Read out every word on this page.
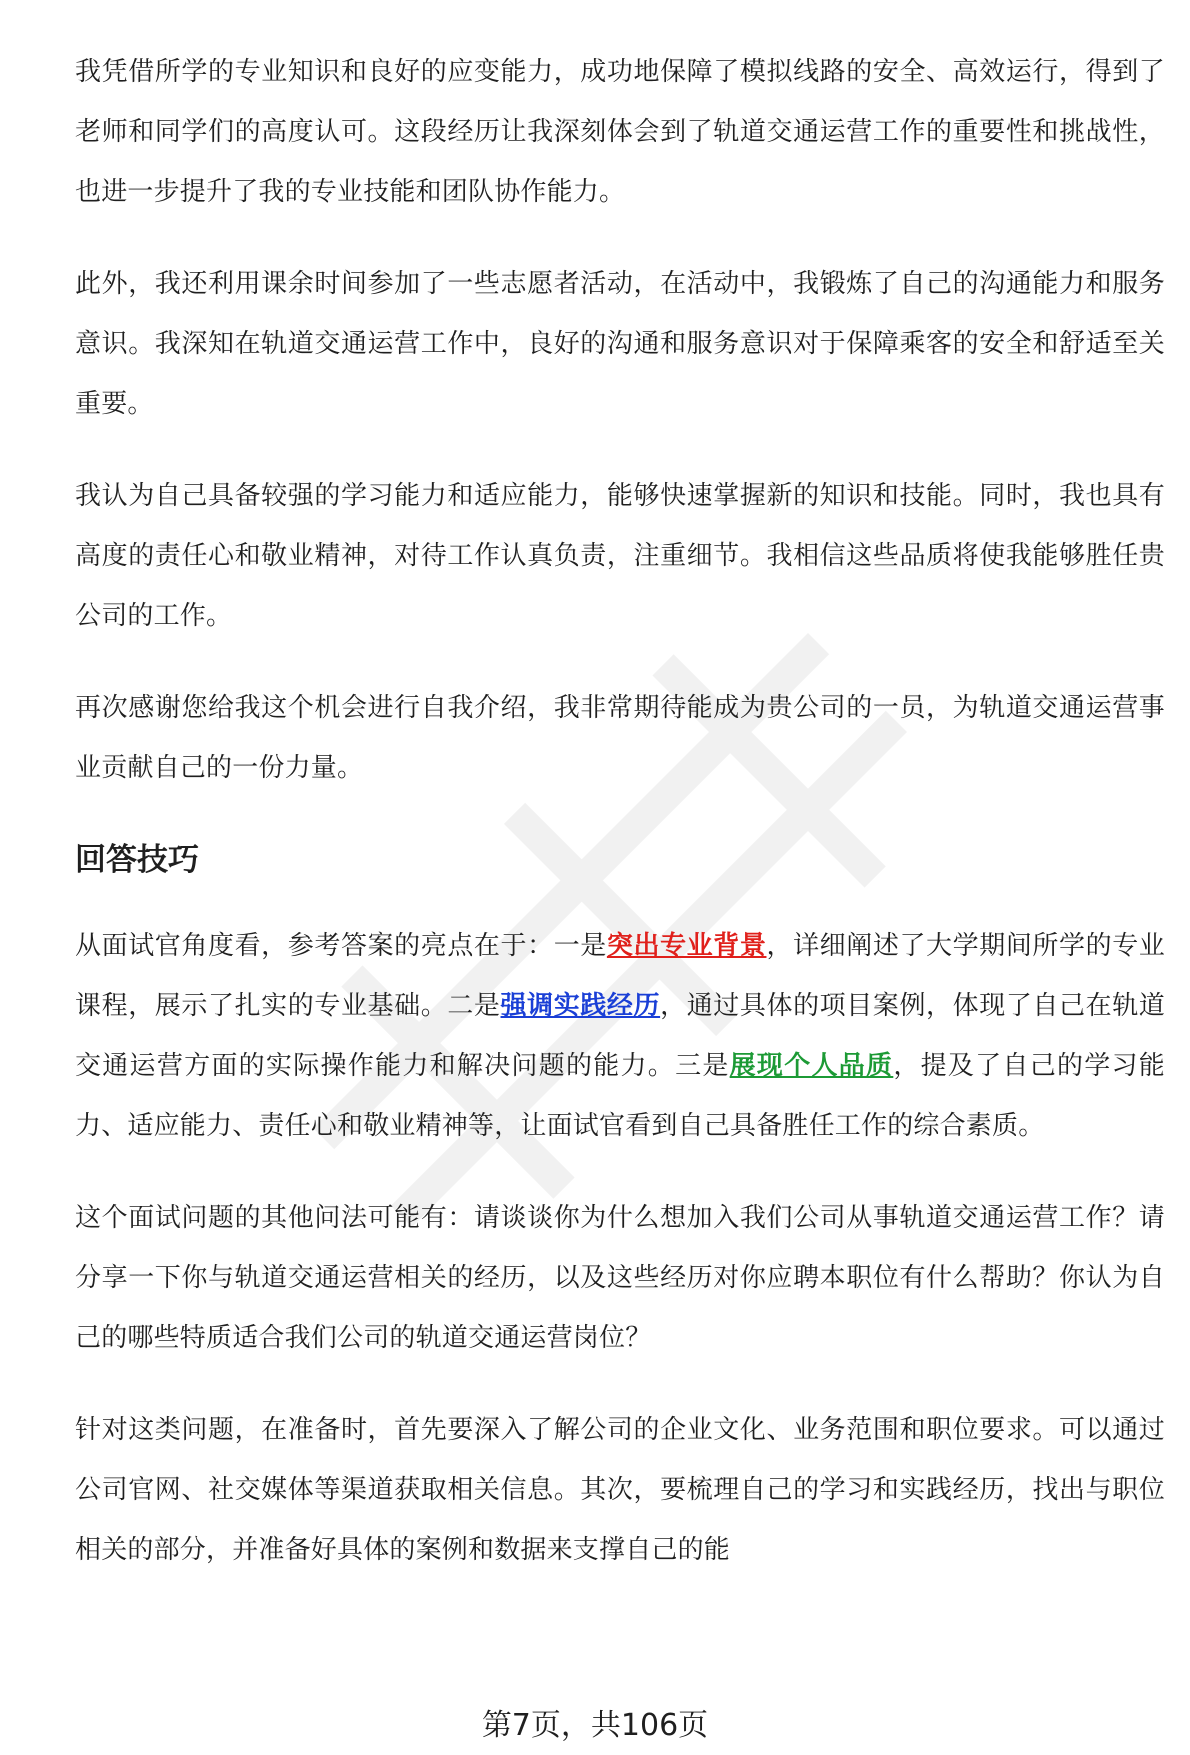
我凭借所学的专业知识和良好的应变能力，成功地保障了模拟线路的安全、高效运行，得到了老师和同学们的高度认可。这段经历让我深刻体会到了轨道交通运营工作的重要性和挑战性，也进一步提升了我的专业技能和团队协作能力。

此外，我还利用课余时间参加了一些志愿者活动，在活动中，我锻炼了自己的沟通能力和服务意识。我深知在轨道交通运营工作中，良好的沟通和服务意识对于保障乘客的安全和舒适至关重要。

我认为自己具备较强的学习能力和适应能力，能够快速掌握新的知识和技能。同时，我也具有高度的责任心和敬业精神，对待工作认真负责，注重细节。我相信这些品质将使我能够胜任贵公司的工作。

再次感谢您给我这个机会进行自我介绍，我非常期待能成为贵公司的一员，为轨道交通运营事业贡献自己的一份力量。

回答技巧

从面试官角度看，参考答案的亮点在于：一是突出专业背景，详细阐述了大学期间所学的专业课程，展示了扎实的专业基础。二是强调实践经历，通过具体的项目案例，体现了自己在轨道交通运营方面的实际操作能力和解决问题的能力。三是展现个人品质，提及了自己的学习能力、适应能力、责任心和敬业精神等，让面试官看到自己具备胜任工作的综合素质。

这个面试问题的其他问法可能有：请谈谈你为什么想加入我们公司从事轨道交通运营工作？请分享一下你与轨道交通运营相关的经历，以及这些经历对你应聘本职位有什么帮助？你认为自己的哪些特质适合我们公司的轨道交通运营岗位？

针对这类问题，在准备时，首先要深入了解公司的企业文化、业务范围和职位要求。可以通过公司官网、社交媒体等渠道获取相关信息。其次，要梳理自己的学习和实践经历，找出与职位相关的部分，并准备好具体的案例和数据来支撑自己的能

第7页，共106页
